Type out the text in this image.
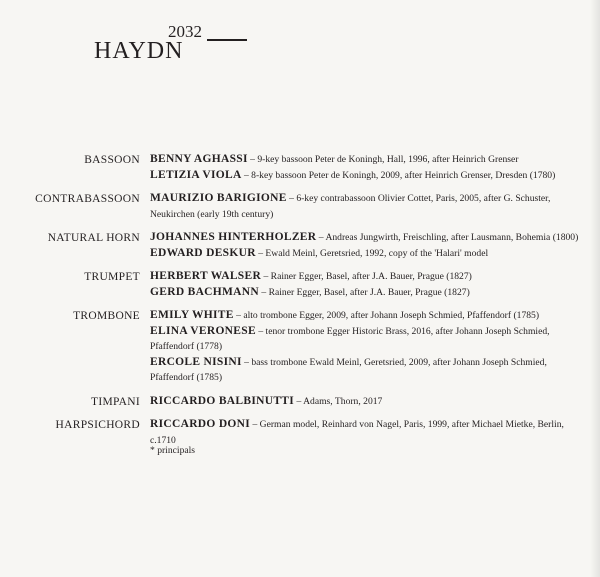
HAYDN
2032
BASSOON BENNY AGHASSI – 9-key bassoon Peter de Koningh, Hall, 1996, after Heinrich Grenser
LETIZIA VIOLA – 8-key bassoon Peter de Koningh, 2009, after Heinrich Grenser, Dresden (1780)
CONTRABASSOON MAURIZIO BARIGIONE – 6-key contrabassoon Olivier Cottet, Paris, 2005, after G. Schuster, Neukirchen (early 19th century)
NATURAL HORN JOHANNES HINTERHOLZER – Andreas Jungwirth, Freischling, after Lausmann, Bohemia (1800)
EDWARD DESKUR – Ewald Meinl, Geretsried, 1992, copy of the 'Halari' model
TRUMPET HERBERT WALSER – Rainer Egger, Basel, after J.A. Bauer, Prague (1827)
GERD BACHMANN – Rainer Egger, Basel, after J.A. Bauer, Prague (1827)
TROMBONE EMILY WHITE – alto trombone Egger, 2009, after Johann Joseph Schmied, Pfaffendorf (1785)
ELINA VERONESE – tenor trombone Egger Historic Brass, 2016, after Johann Joseph Schmied, Pfaffendorf (1778)
ERCOLE NISINI – bass trombone Ewald Meinl, Geretsried, 2009, after Johann Joseph Schmied, Pfaffendorf (1785)
TIMPANI RICCARDO BALBINUTTI – Adams, Thorn, 2017
HARPSICHORD RICCARDO DONI – German model, Reinhard von Nagel, Paris, 1999, after Michael Mietke, Berlin, c.1710
* principals
